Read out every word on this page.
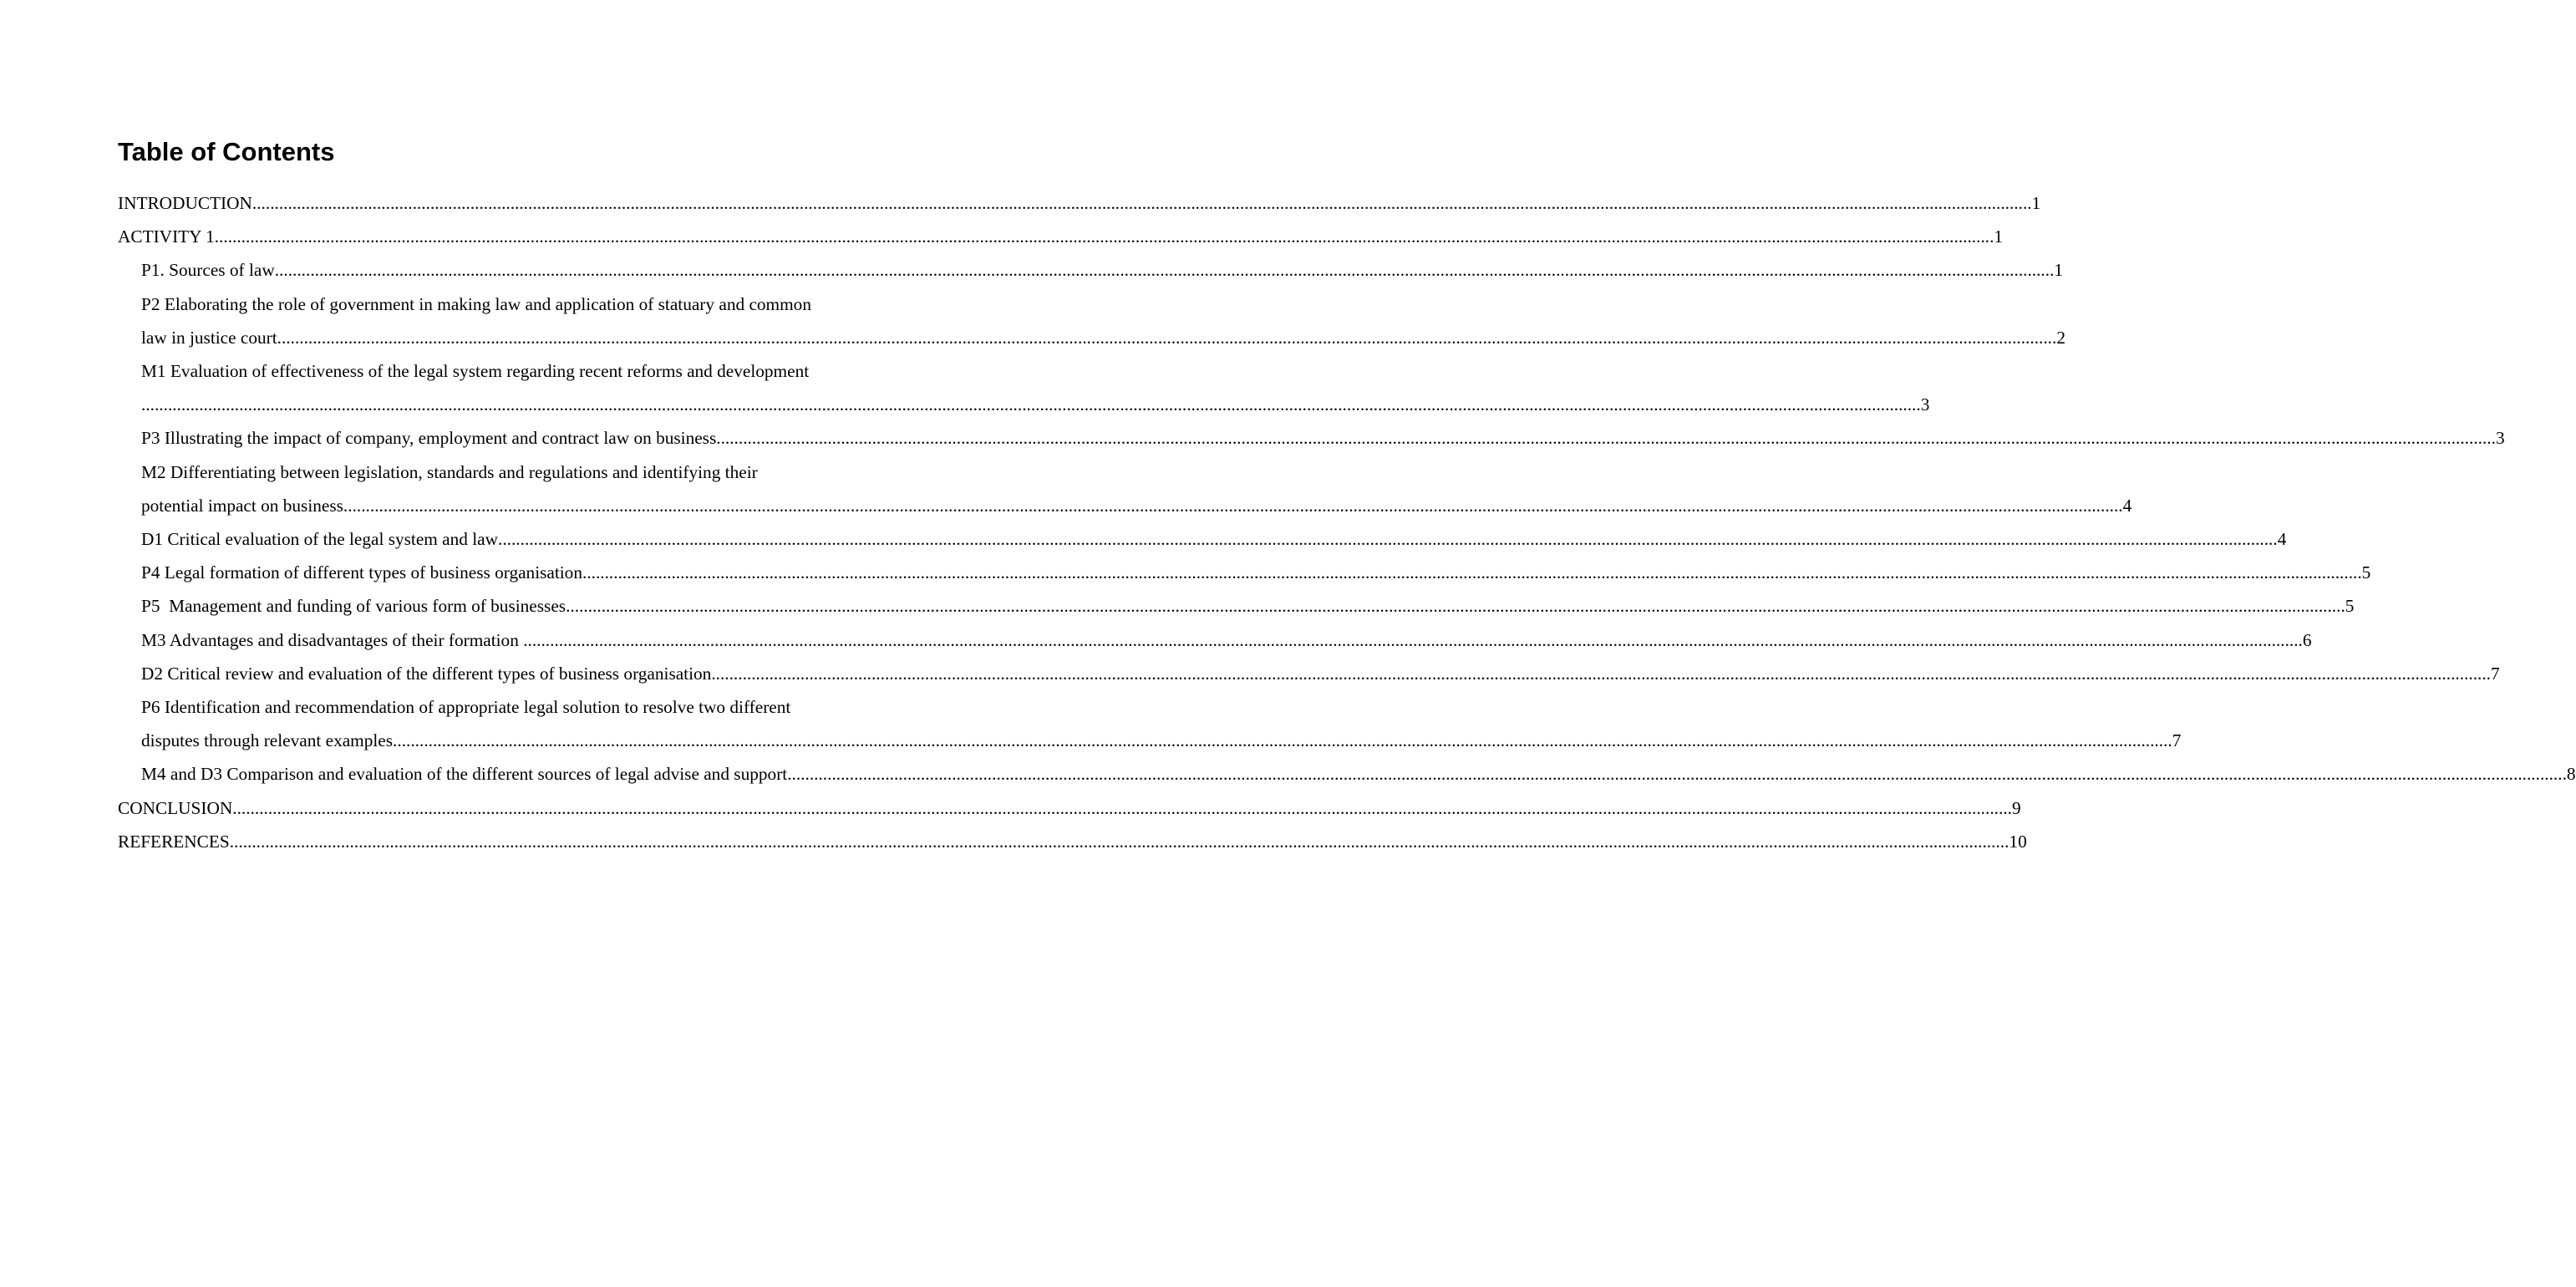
Table of Contents
INTRODUCTION ................................................................................................................................................................................................................................................................................................................................................................................................................ 1
ACTIVITY 1 ................................................................................................................................................................................................................................................................................................................................................................................................................ 1
P1. Sources of law ................................................................................................................................................................................................................................................................................................................................................................................................................ 1
P2 Elaborating the role of government in making law and application of statuary and common
law in justice court ................................................................................................................................................................................................................................................................................................................................................................................................................ 2
M1 Evaluation of effectiveness of the legal system regarding recent reforms and development
................................................................................................................................................................................................................................................................................................................................................................................................................ 3
P3 Illustrating the impact of company, employment and contract law on business ................................................................................................................................................................................................................................................................................................................................................................................................................ 3
M2 Differentiating between legislation, standards and regulations and identifying their
potential impact on business ................................................................................................................................................................................................................................................................................................................................................................................................................ 4
D1 Critical evaluation of the legal system and law ................................................................................................................................................................................................................................................................................................................................................................................................................ 4
P4 Legal formation of different types of business organisation ................................................................................................................................................................................................................................................................................................................................................................................................................ 5
P5  Management and funding of various form of businesses ................................................................................................................................................................................................................................................................................................................................................................................................................ 5
M3 Advantages and disadvantages of their formation ................................................................................................................................................................................................................................................................................................................................................................................................................ 6
D2 Critical review and evaluation of the different types of business organisation ................................................................................................................................................................................................................................................................................................................................................................................................................ 7
P6 Identification and recommendation of appropriate legal solution to resolve two different
disputes through relevant examples ................................................................................................................................................................................................................................................................................................................................................................................................................ 7
M4 and D3 Comparison and evaluation of the different sources of legal advise and support ................................................................................................................................................................................................................................................................................................................................................................................................................ 8
CONCLUSION ................................................................................................................................................................................................................................................................................................................................................................................................................ 9
REFERENCES ................................................................................................................................................................................................................................................................................................................................................................................................................ 10
